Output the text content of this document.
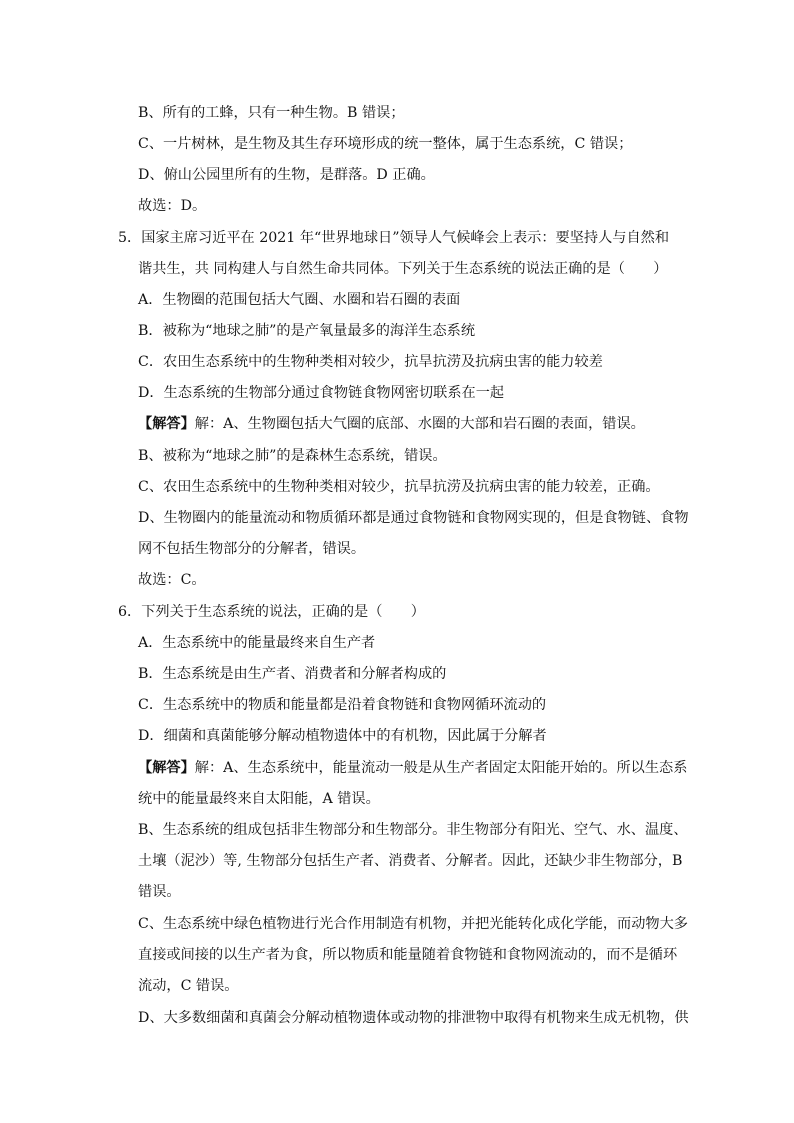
B、所有的工蜂，只有一种生物。B 错误；
C、一片树林，是生物及其生存环境形成的统一整体，属于生态系统，C 错误；
D、俯山公园里所有的生物，是群落。D 正确。
故选：D。
5．国家主席习近平在 2021 年“世界地球日”领导人气候峰会上表示：要坚持人与自然和
谐共生，共 同构建人与自然生命共同体。下列关于生态系统的说法正确的是（　　）
A．生物圈的范围包括大气圈、水圈和岩石圈的表面
B．被称为“地球之肺”的是产氧量最多的海洋生态系统
C．农田生态系统中的生物种类相对较少，抗旱抗涝及抗病虫害的能力较差
D．生态系统的生物部分通过食物链食物网密切联系在一起
【解答】解：A、生物圈包括大气圈的底部、水圈的大部和岩石圈的表面，错误。
B、被称为“地球之肺”的是森林生态系统，错误。
C、农田生态系统中的生物种类相对较少，抗旱抗涝及抗病虫害的能力较差，正确。
D、生物圈内的能量流动和物质循环都是通过食物链和食物网实现的，但是食物链、食物
网不包括生物部分的分解者，错误。
故选：C。
6．下列关于生态系统的说法，正确的是（　　）
A．生态系统中的能量最终来自生产者
B．生态系统是由生产者、消费者和分解者构成的
C．生态系统中的物质和能量都是沿着食物链和食物网循环流动的
D．细菌和真菌能够分解动植物遗体中的有机物，因此属于分解者
【解答】解：A、生态系统中，能量流动一般是从生产者固定太阳能开始的。所以生态系
统中的能量最终来自太阳能，A 错误。
B、生态系统的组成包括非生物部分和生物部分。非生物部分有阳光、空气、水、温度、
土壤（泥沙）等, 生物部分包括生产者、消费者、分解者。因此，还缺少非生物部分，B
错误。
C、生态系统中绿色植物进行光合作用制造有机物，并把光能转化成化学能，而动物大多
直接或间接的以生产者为食，所以物质和能量随着食物链和食物网流动的，而不是循环
流动，C 错误。
D、大多数细菌和真菌会分解动植物遗体或动物的排泄物中取得有机物来生成无机物，供
